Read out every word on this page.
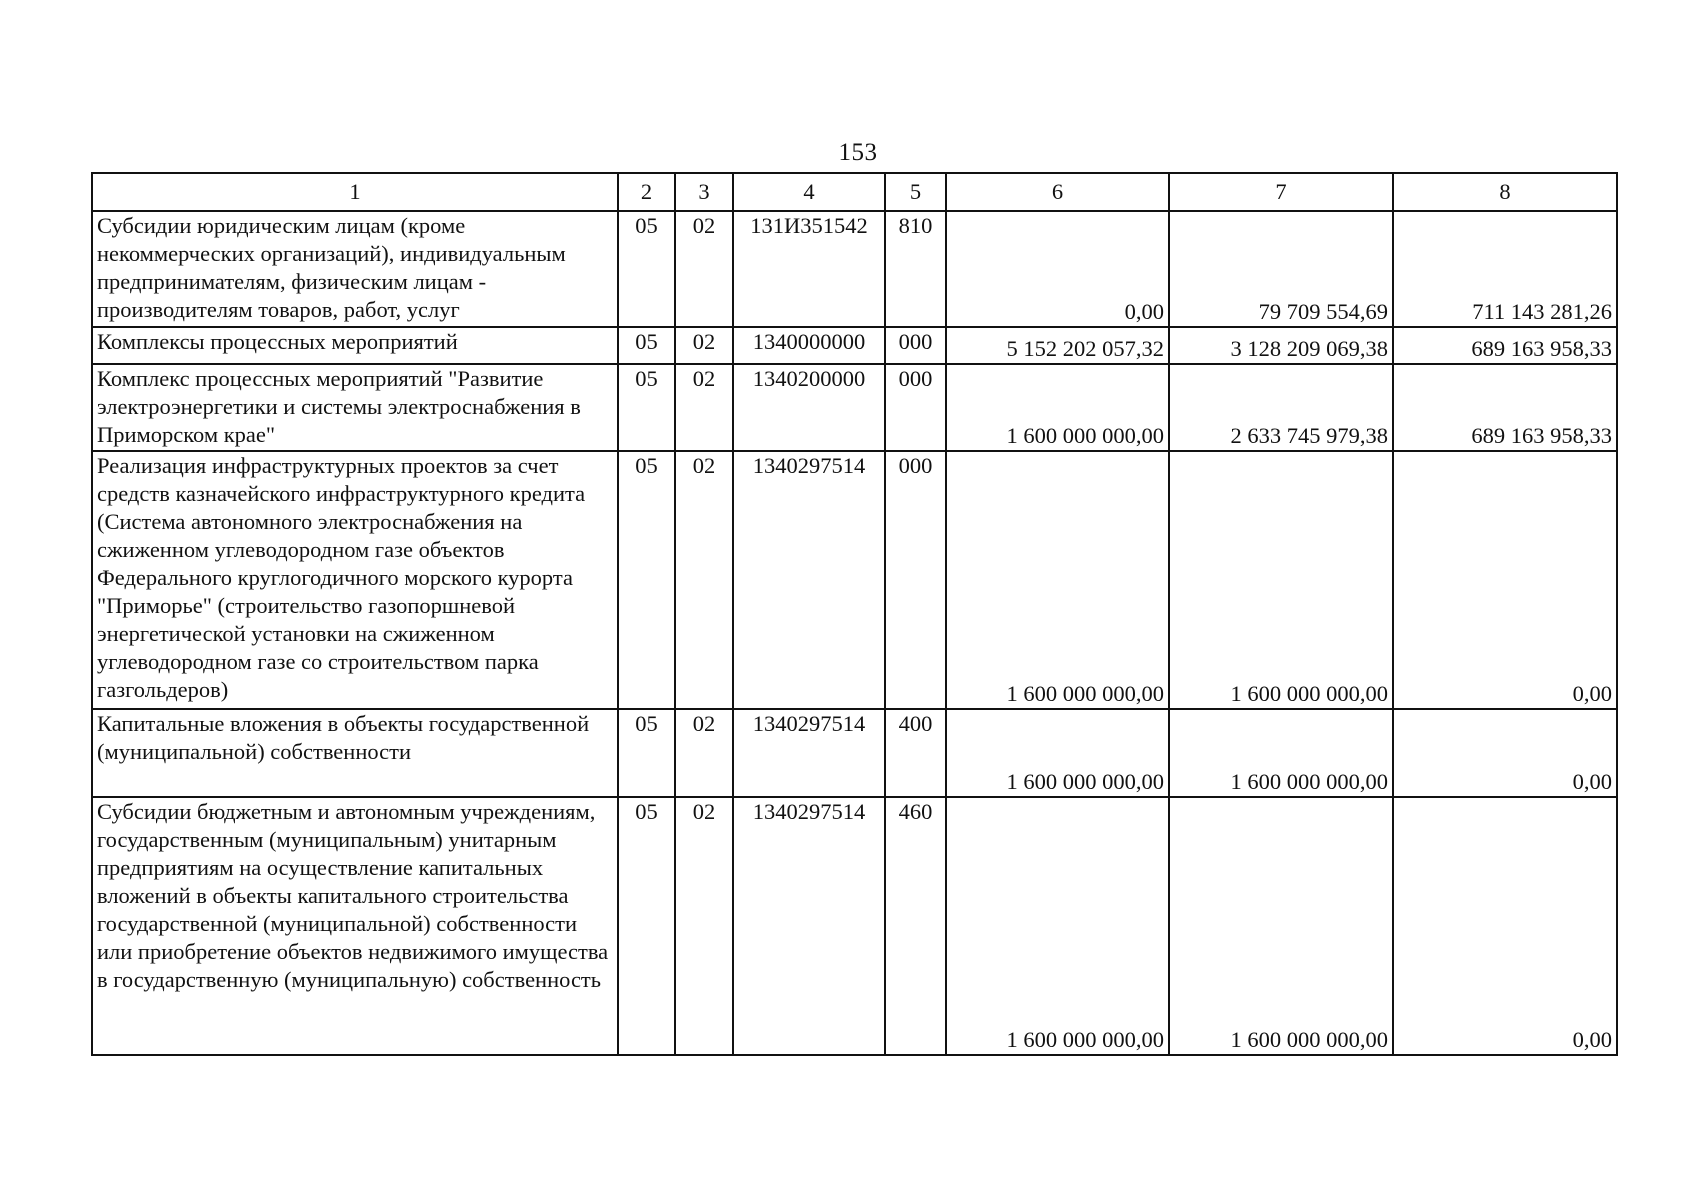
153
1	2	3	4	5	6	7	8
Субсидии юридическим лицам (кроме некоммерческих организаций), индивидуальным предпринимателям, физическим лицам - производителям товаров, работ, услуг	05	02	131И351542	810	0,00	79 709 554,69	711 143 281,26
Комплексы процессных мероприятий	05	02	1340000000	000	5 152 202 057,32	3 128 209 069,38	689 163 958,33
Комплекс процессных мероприятий "Развитие электроэнергетики и системы электроснабжения в Приморском крае"	05	02	1340200000	000	1 600 000 000,00	2 633 745 979,38	689 163 958,33
Реализация инфраструктурных проектов за счет средств казначейского инфраструктурного кредита (Система автономного электроснабжения на сжиженном углеводородном газе объектов Федерального круглогодичного морского курорта "Приморье" (строительство газопоршневой энергетической установки на сжиженном углеводородном газе со строительством парка газгольдеров)	05	02	1340297514	000	1 600 000 000,00	1 600 000 000,00	0,00
Капитальные вложения в объекты государственной (муниципальной) собственности	05	02	1340297514	400	1 600 000 000,00	1 600 000 000,00	0,00
Субсидии бюджетным и автономным учреждениям, государственным (муниципальным) унитарным предприятиям на осуществление капитальных вложений в объекты капитального строительства государственной (муниципальной) собственности или приобретение объектов недвижимого имущества в государственную (муниципальную) собственность	05	02	1340297514	460	1 600 000 000,00	1 600 000 000,00	0,00
